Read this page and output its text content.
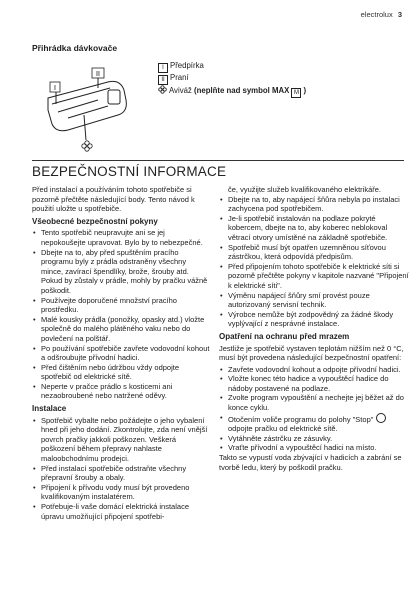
electrolux 3
Přihrádka dávkovače
I
II
I Předpírka
II Praní
Aviváž (neplňte nad symbol MAX M )
BEZPEČNOSTNÍ INFORMACE

Před instalací a používáním tohoto spotřebiče si pozorně přečtěte následující body. Tento návod k použití uložte u spotřebiče.

Všeobecné bezpečnostní pokyny
• Tento spotřebič neupravujte ani se jej nepokoušejte upravovat. Bylo by to nebezpečné.
• Dbejte na to, aby před spuštěním pracího programu byly z prádla odstraněny všechny mince, zavírací špendlíky, brože, šrouby atd. Pokud by zůstaly v prádle, mohly by pračku vážně poškodit.
• Používejte doporučené množství pracího prostředku.
• Malé kousky prádla (ponožky, opasky atd.) vložte společně do malého plátěného vaku nebo do povlečení na polštář.
• Po používání spotřebiče zavřete vodovodní kohout a odšroubujte přívodní hadici.
• Před čištěním nebo údržbou vždy odpojte spotřebič od elektrické sítě.
• Neperte v pračce prádlo s kosticemi ani nezaobroubené nebo natržené oděvy.
Instalace
• Spotřebič vybalte nebo požádejte o jeho vybalení hned při jeho dodání. Zkontrolujte, zda není vnější povrch pračky jakkoli poškozen. Veškerá poškození během přepravy nahlaste maloobchodnímu prodejci.
• Před instalací spotřebiče odstraňte všechny přepravní šrouby a obaly.
• Připojení k přívodu vody musí být provedeno kvalifikovaným instalatérem.
• Potřebuje-li vaše domácí elektrická instalace úpravu umožňující připojení spotřebi-
če, využijte služeb kvalifikovaného elektrikáře.
• Dbejte na to, aby napájecí šňůra nebyla po instalaci zachycena pod spotřebičem.
• Je-li spotřebič instalován na podlaze pokryté kobercem, dbejte na to, aby koberec neblokoval větrací otvory umístěné na základně spotřebiče.
• Spotřebič musí být opatřen uzemněnou síťovou zástrčkou, která odpovídá předpisům.
• Před připojením tohoto spotřebiče k elektrické síti si pozorně přečtěte pokyny v kapitole nazvané "Připojení k elektrické síti".
• Výměnu napájecí šňůry smí provést pouze autorizovaný servisní technik.
• Výrobce nemůže být zodpovědný za žádné škody vyplývající z nesprávné instalace.
Opatření na ochranu před mrazem

Jestliže je spotřebič vystaven teplotám nižším než 0 °C, musí být provedena následující bezpečnostní opatření:

• Zavřete vodovodní kohout a odpojte přívodní hadici.
• Vložte konec této hadice a vypouštěcí hadice do nádoby postavené na podlaze.
• Zvolte program vypouštění a nechejte jej běžet až do konce cyklu.
• Otočením voliče programu do polohy "Stop"  odpojte pračku od elektrické sítě.
• Vytáhněte zástrčku ze zásuvky.
• Vraťte přívodní a vypouštěcí hadici na místo.

Takto se vypustí voda zbývající v hadicích a zabrání se tvorbě ledu, který by poškodil pračku.
